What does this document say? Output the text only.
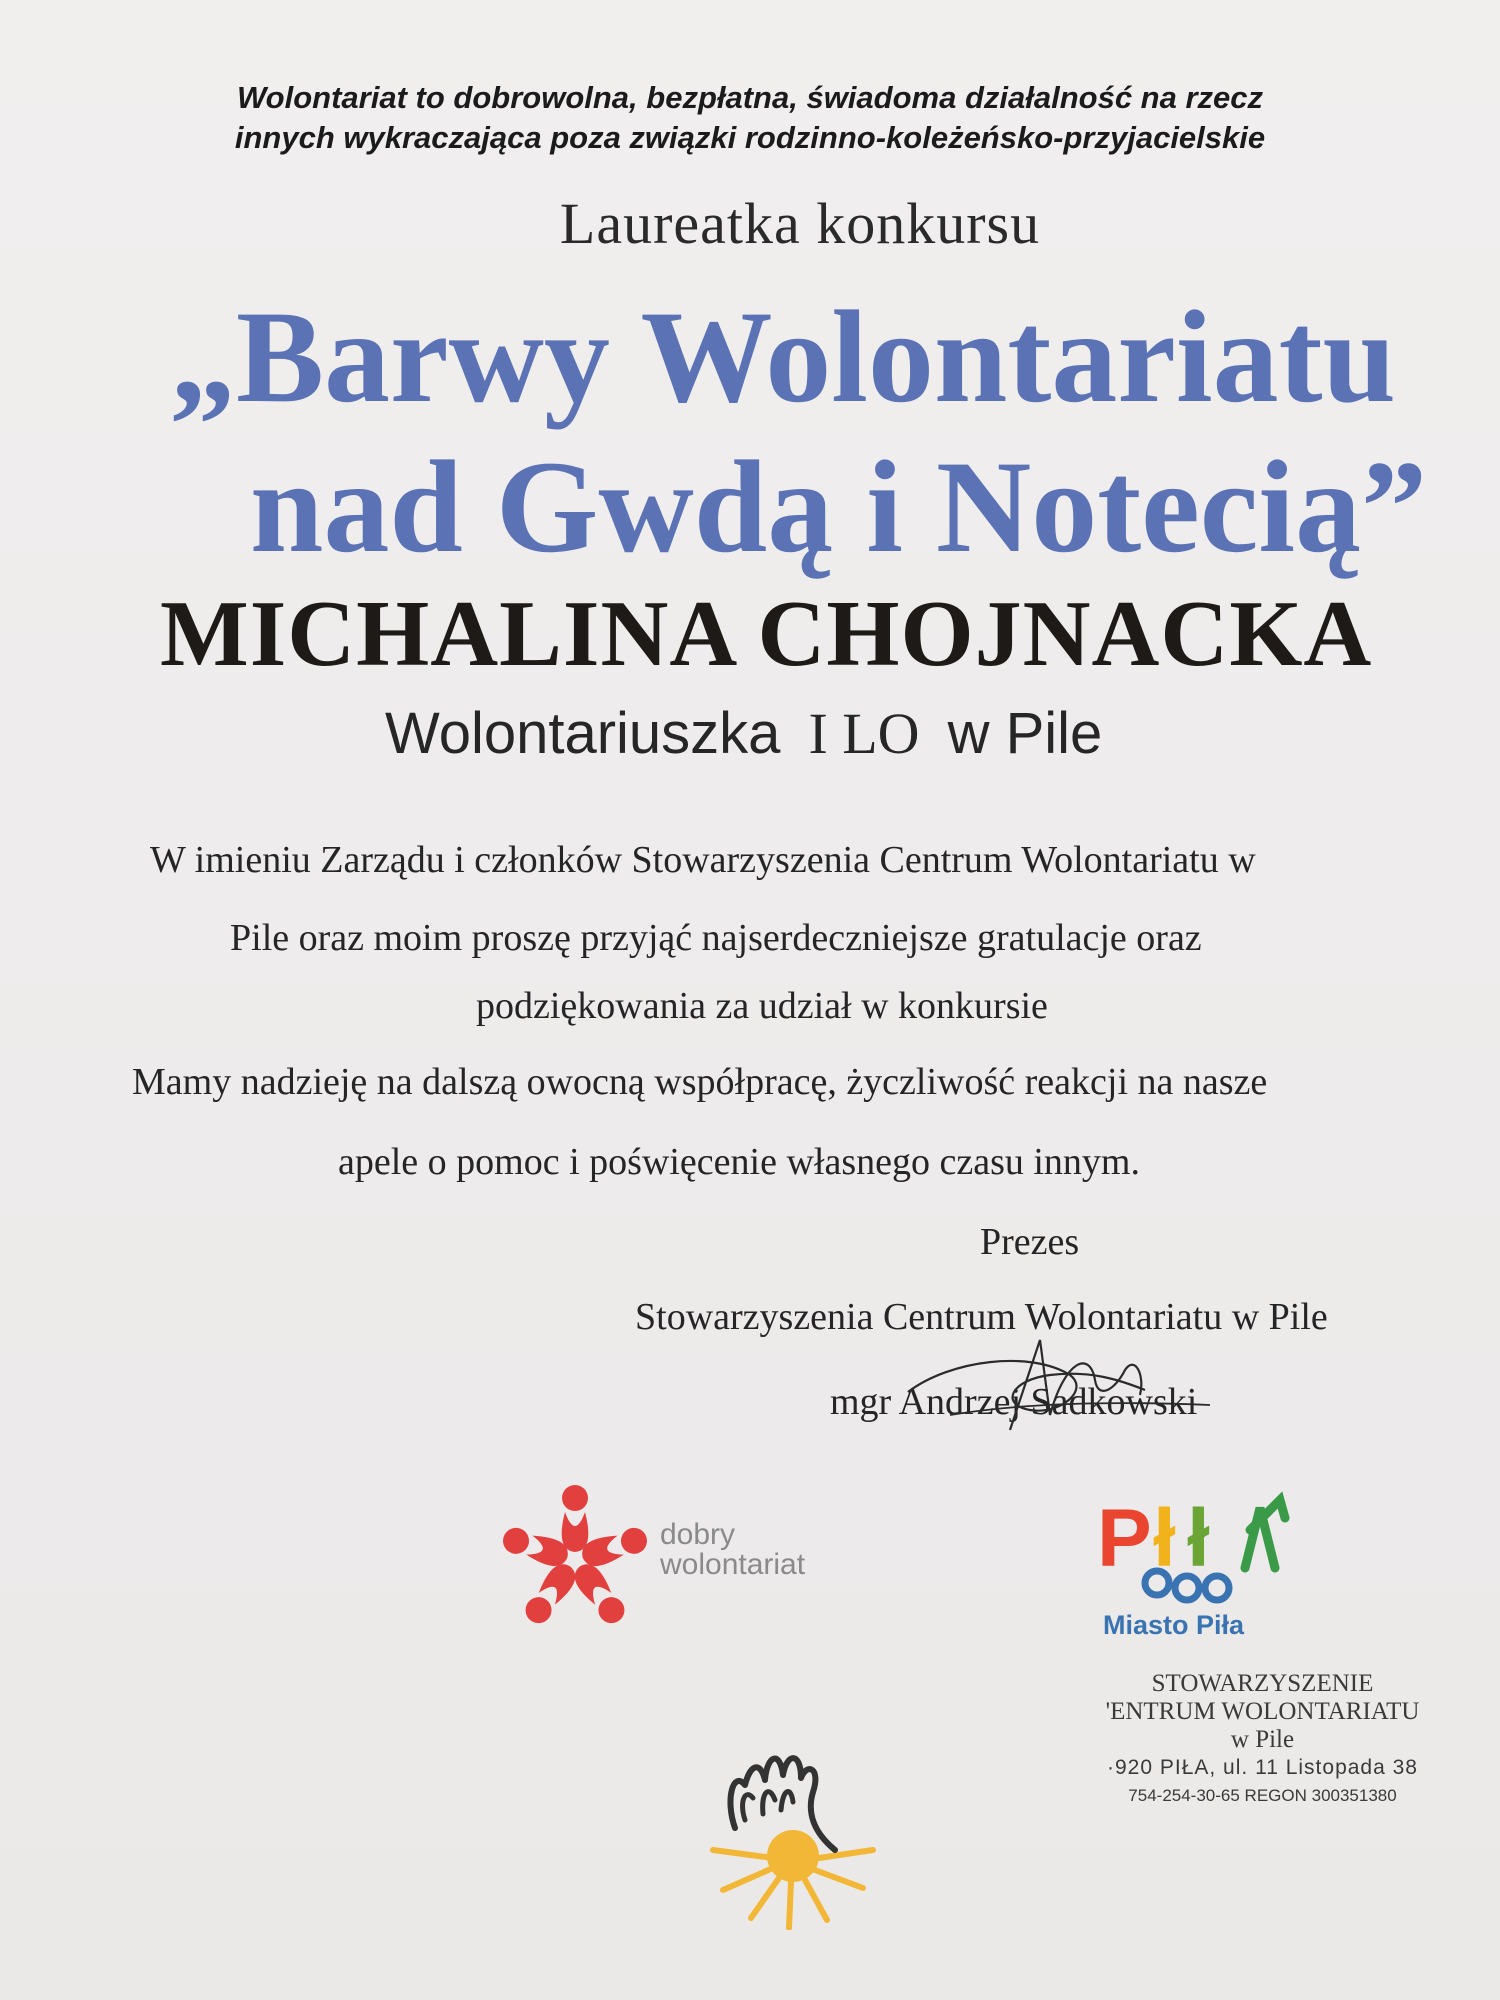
Wolontariat to dobrowolna, bezpłatna, świadoma działalność na rzecz
innych wykraczająca poza związki rodzinno-koleżeńsko-przyjacielskie
Laureatka konkursu
„Barwy Wolontariatu
nad Gwdą i Notecią”
MICHALINA CHOJNACKA
Wolontariuszka I LO w Pile
W imieniu Zarządu i członków Stowarzyszenia Centrum Wolontariatu w
Pile oraz moim proszę przyjąć najserdeczniejsze gratulacje oraz
podziękowania za udział w konkursie
Mamy nadzieję na dalszą owocną współpracę, życzliwość reakcji na nasze
apele o pomoc i poświęcenie własnego czasu innym.
Prezes
Stowarzyszenia Centrum Wolontariatu w Pile
mgr Andrzej Sadkowski
dobry
wolontariat	P ł ł
Miasto Piła
STOWARZYSZENIE
'ENTRUM WOLONTARIATU
w Pile
·920 PIŁA, ul. 11 Listopada 38
754-254-30-65 REGON 300351380
